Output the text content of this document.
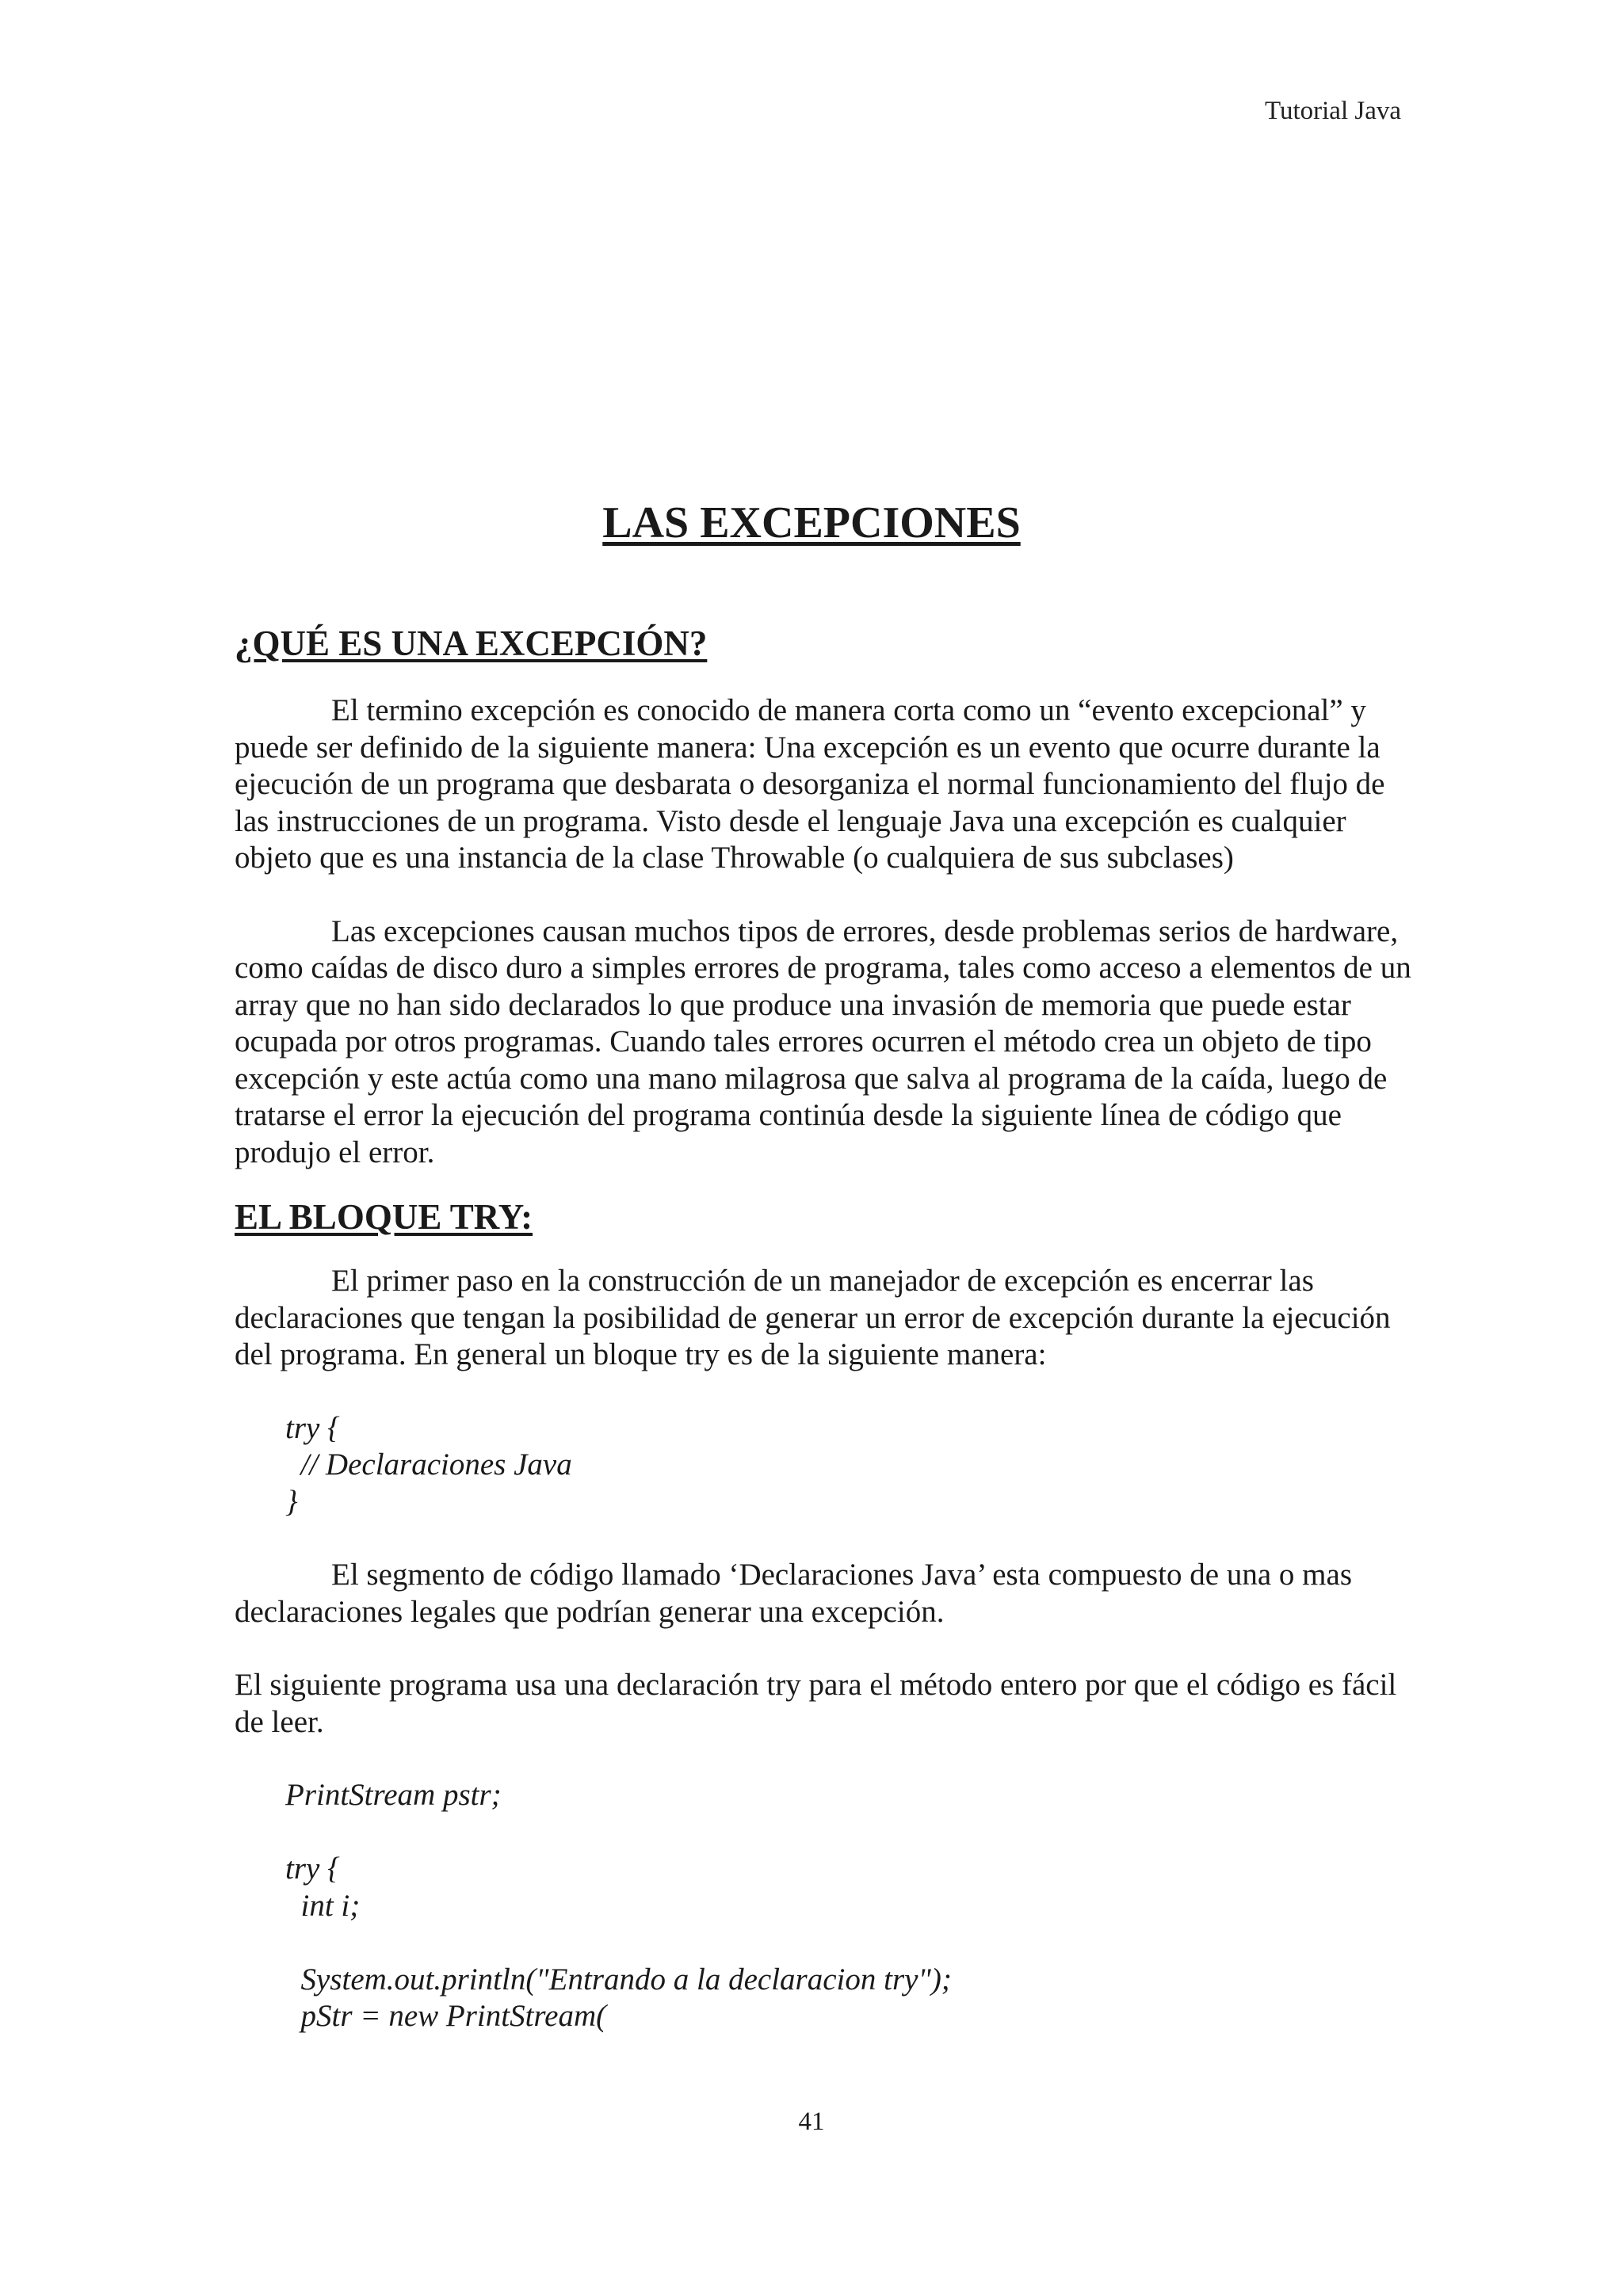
Tutorial Java
LAS EXCEPCIONES
¿QUÉ ES UNA EXCEPCIÓN?

El termino excepción es conocido de manera corta como un “evento excepcional” y puede ser definido de la siguiente manera: Una excepción es un evento que ocurre durante la ejecución de un programa que desbarata o desorganiza el normal funcionamiento del flujo de las instrucciones de un programa. Visto desde el lenguaje Java una excepción es cualquier objeto que es una instancia de la clase Throwable (o cualquiera de sus subclases)

Las excepciones causan muchos tipos de errores, desde problemas serios de hardware, como caídas de disco duro a simples errores de programa, tales como acceso a elementos de un array que no han sido declarados lo que produce una invasión de memoria que puede estar ocupada por otros programas. Cuando tales errores ocurren el método crea un objeto de tipo excepción y este actúa como una mano milagrosa que salva al programa de la caída, luego de tratarse el error la ejecución del programa continúa desde la siguiente línea de código que produjo el error.

EL BLOQUE TRY:

El primer paso en la construcción de un manejador de excepción es encerrar las declaraciones que tengan la posibilidad de generar un error de excepción durante la ejecución del programa. En general un bloque try es de la siguiente manera:

try {
// Declaraciones Java
}

El segmento de código llamado ‘Declaraciones Java’ esta compuesto de una o mas declaraciones legales que podrían generar una excepción.

El siguiente programa usa una declaración try para el método entero por que el código es fácil de leer.

PrintStream pstr;

try {
int i;

System.out.println("Entrando a la declaracion try");
pStr = new PrintStream(
41
